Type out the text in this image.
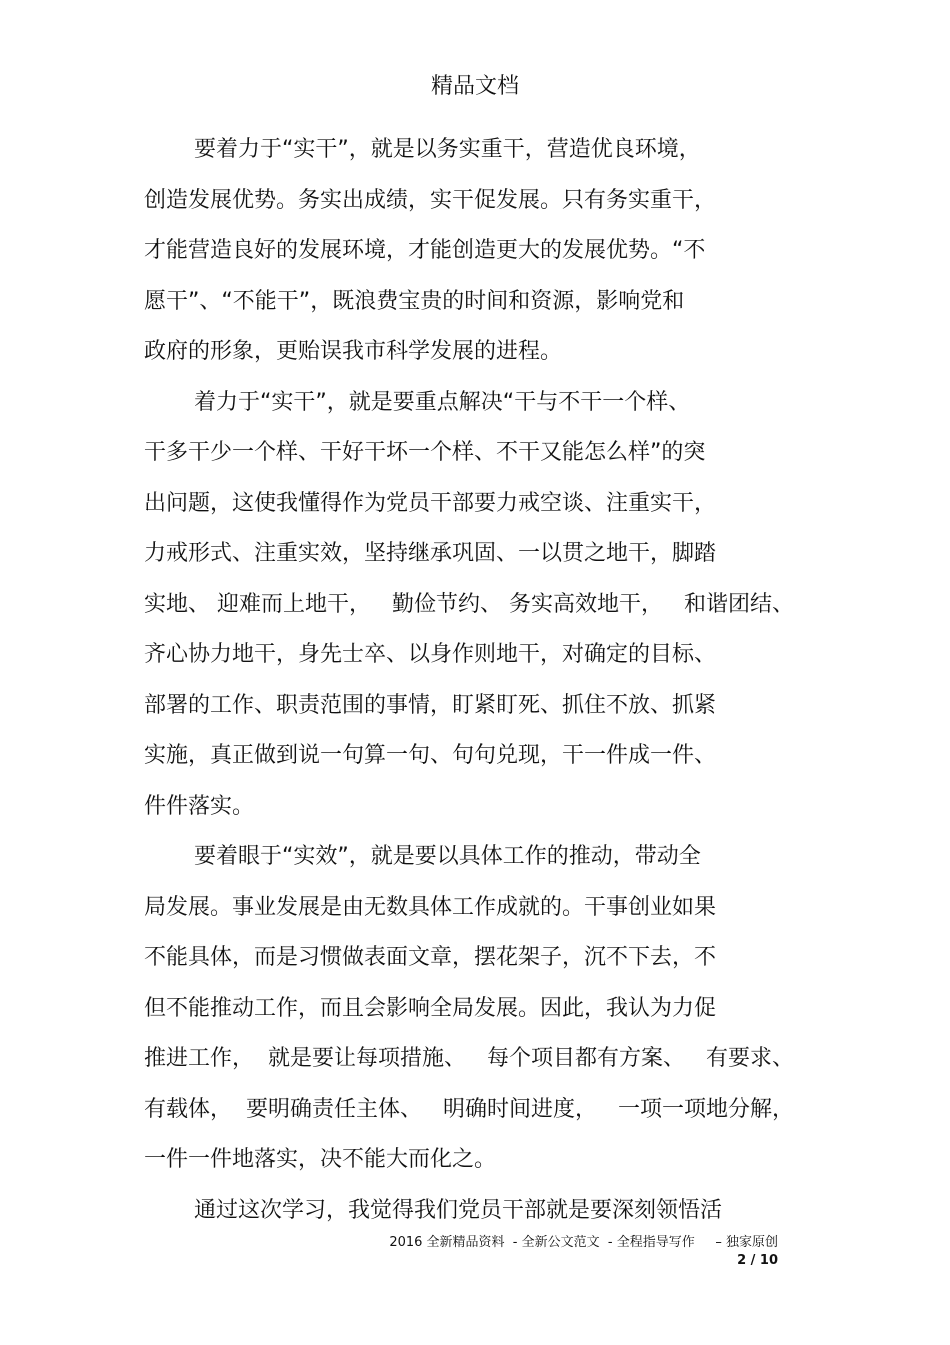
精品文档
要着力于“实干”，就是以务实重干，营造优良环境，
创造发展优势。务实出成绩，实干促发展。只有务实重干，
才能营造良好的发展环境，才能创造更大的发展优势。“不
愿干”、“不能干”，既浪费宝贵的时间和资源，影响党和
政府的形象，更贻误我市科学发展的进程。
着力于“实干”，就是要重点解决“干与不干一个样、
干多干少一个样、干好干坏一个样、不干又能怎么样”的突
出问题，这使我懂得作为党员干部要力戒空谈、注重实干，
力戒形式、注重实效，坚持继承巩固、一以贯之地干，脚踏
实地、 迎难而上地干，   勤俭节约、 务实高效地干，   和谐团结、
齐心协力地干，身先士卒、以身作则地干，对确定的目标、
部署的工作、职责范围的事情，盯紧盯死、抓住不放、抓紧
实施，真正做到说一句算一句、句句兑现，干一件成一件、
件件落实。
要着眼于“实效”，就是要以具体工作的推动，带动全
局发展。事业发展是由无数具体工作成就的。干事创业如果
不能具体，而是习惯做表面文章，摆花架子，沉不下去，不
但不能推动工作，而且会影响全局发展。因此，我认为力促
推进工作，  就是要让每项措施、   每个项目都有方案、   有要求、
有载体，  要明确责任主体、   明确时间进度，   一项一项地分解，
一件一件地落实，决不能大而化之。
通过这次学习，我觉得我们党员干部就是要深刻领悟活
2016 全新精品资料  - 全新公文范文  - 全程指导写作     – 独家原创
2 / 10
